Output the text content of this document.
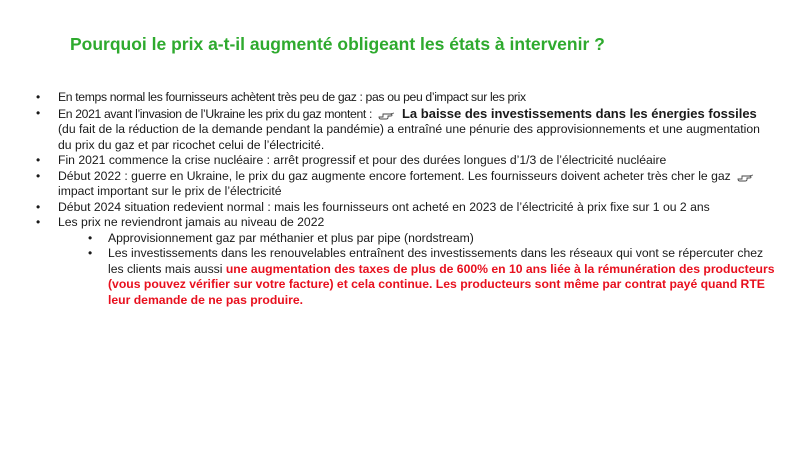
Pourquoi le prix a-t-il augmenté obligeant les états à intervenir ?
• En temps normal les fournisseurs achètent très peu de gaz : pas ou peu d’impact sur les prix
• En 2021 avant l’invasion de l’Ukraine les prix du gaz montent : La baisse des investissements dans les énergies fossiles (du fait de la réduction de la demande pendant la pandémie) a entraîné une pénurie des approvisionnements et une augmentation du prix du gaz et par ricochet celui de l’électricité.
• Fin 2021 commence la crise nucléaire : arrêt progressif et pour des durées longues d’1/3 de l’électricité nucléaire
• Début 2022 : guerre en Ukraine, le prix du gaz augmente encore fortement. Les fournisseurs doivent acheter très cher le gazimpact important sur le prix de l’électricité
• Début 2024 situation redevient normal : mais les fournisseurs ont acheté en 2023 de l’électricité à prix fixe sur 1 ou 2 ans
• Les prix ne reviendront jamais au niveau de 2022
• Approvisionnement gaz par méthanier et plus par pipe (nordstream)
• Les investissements dans les renouvelables entraînent des investissements dans les réseaux qui vont se répercuter chez les clients mais aussi une augmentation des taxes de plus de 600% en 10 ans liée à la rémunération des producteurs (vous pouvez vérifier sur votre facture) et cela continue. Les producteurs sont même par contrat payé quand RTE leur demande de ne pas produire.
